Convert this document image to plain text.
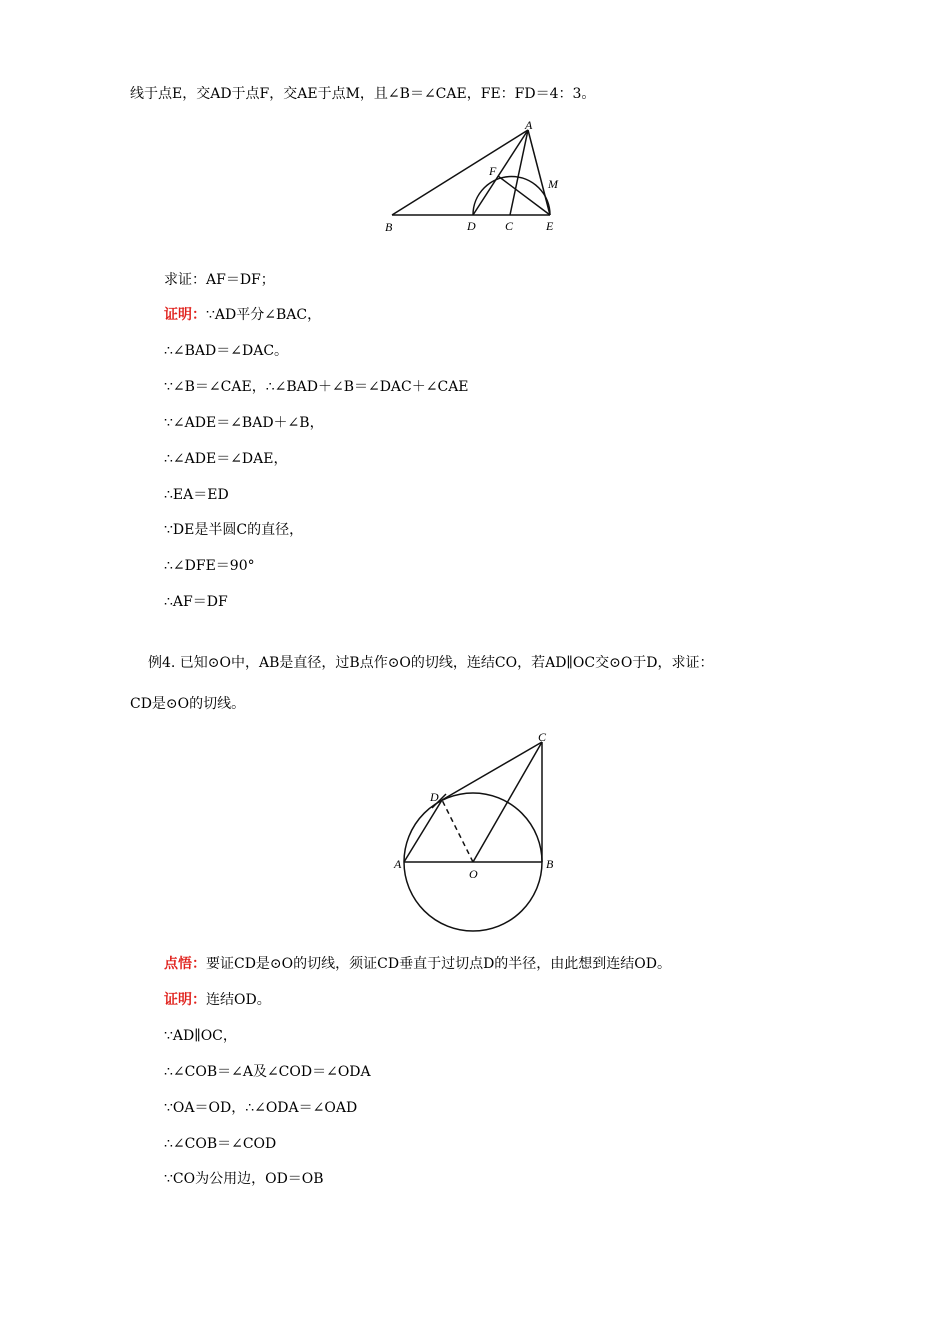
线于点E，交AD于点F，交AE于点M，且∠B＝∠CAE，FE：FD＝4：3。
A
B	C
D	E
F
M
求证：AF＝DF；
证明：∵AD平分∠BAC，
∴∠BAD＝∠DAC。
∵∠B＝∠CAE，∴∠BAD＋∠B＝∠DAC＋∠CAE
∵∠ADE＝∠BAD＋∠B，
∴∠ADE＝∠DAE，
∴EA＝ED
∵DE是半圆C的直径，
∴∠DFE＝90°
∴AF＝DF
例4. 已知⊙O中，AB是直径，过B点作⊙O的切线，连结CO，若AD∥OC交⊙O于D，求证：
CD是⊙O的切线。
A	B
C
D
O
点悟：要证CD是⊙O的切线，须证CD垂直于过切点D的半径，由此想到连结OD。
证明：连结OD。
∵AD∥OC，
∴∠COB＝∠A及∠COD＝∠ODA
∵OA＝OD，∴∠ODA＝∠OAD
∴∠COB＝∠COD
∵CO为公用边，OD＝OB
